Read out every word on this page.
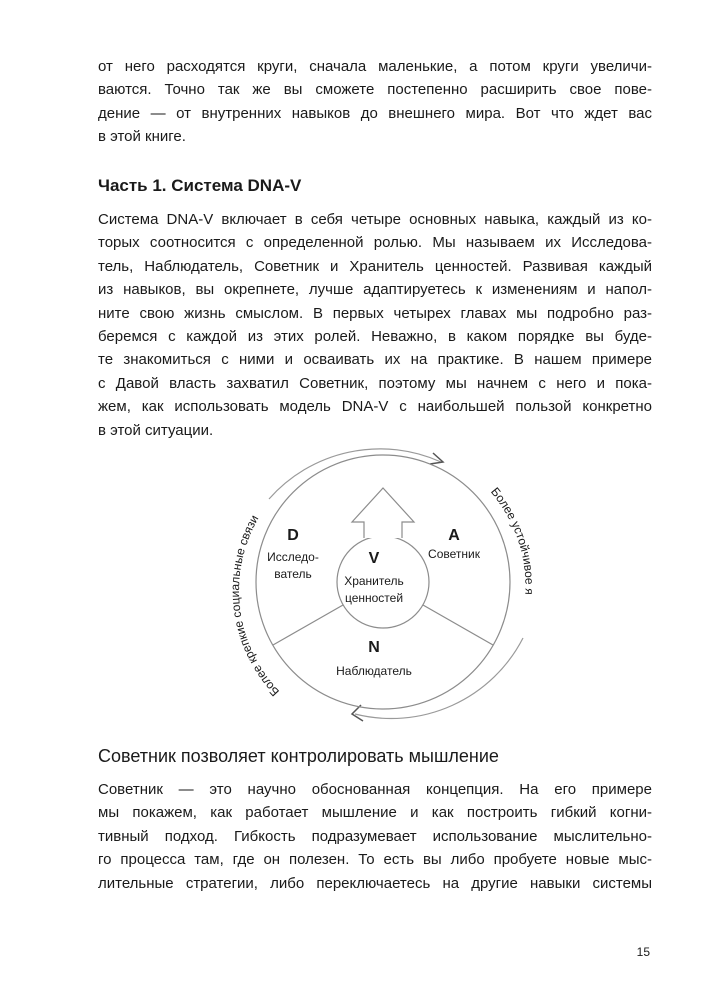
от него расходятся круги, сначала маленькие, а потом круги увеличи-
ваются. Точно так же вы сможете постепенно расширить свое пове-
дение — от внутренних навыков до внешнего мира. Вот что ждет вас
в этой книге.
Часть 1. Система DNA-V
Система DNA-V включает в себя четыре основных навыка, каждый из ко-
торых соотносится с определенной ролью. Мы называем их Исследова-
тель, Наблюдатель, Советник и Хранитель ценностей. Развивая каждый
из навыков, вы окрепнете, лучше адаптируетесь к изменениям и напол-
ните свою жизнь смыслом. В первых четырех главах мы подробно раз-
беремся с каждой из этих ролей. Неважно, в каком порядке вы буде-
те знакомиться с ними и осваивать их на практике. В нашем примере
с Давой власть захватил Советник, поэтому мы начнем с него и пока-
жем, как использовать модель DNA-V с наибольшей пользой конкретно
в этой ситуации.
Более крепкие социальные связи
Более устойчивое я
D
Исследо-
ватель
A
Советник
V
Хранитель
ценностей
N
Наблюдатель
Советник позволяет контролировать мышление
Советник — это научно обоснованная концепция. На его примере
мы покажем, как работает мышление и как построить гибкий когни-
тивный подход. Гибкость подразумевает использование мыслительно-
го процесса там, где он полезен. То есть вы либо пробуете новые мыс-
лительные стратегии, либо переключаетесь на другие навыки системы
15
